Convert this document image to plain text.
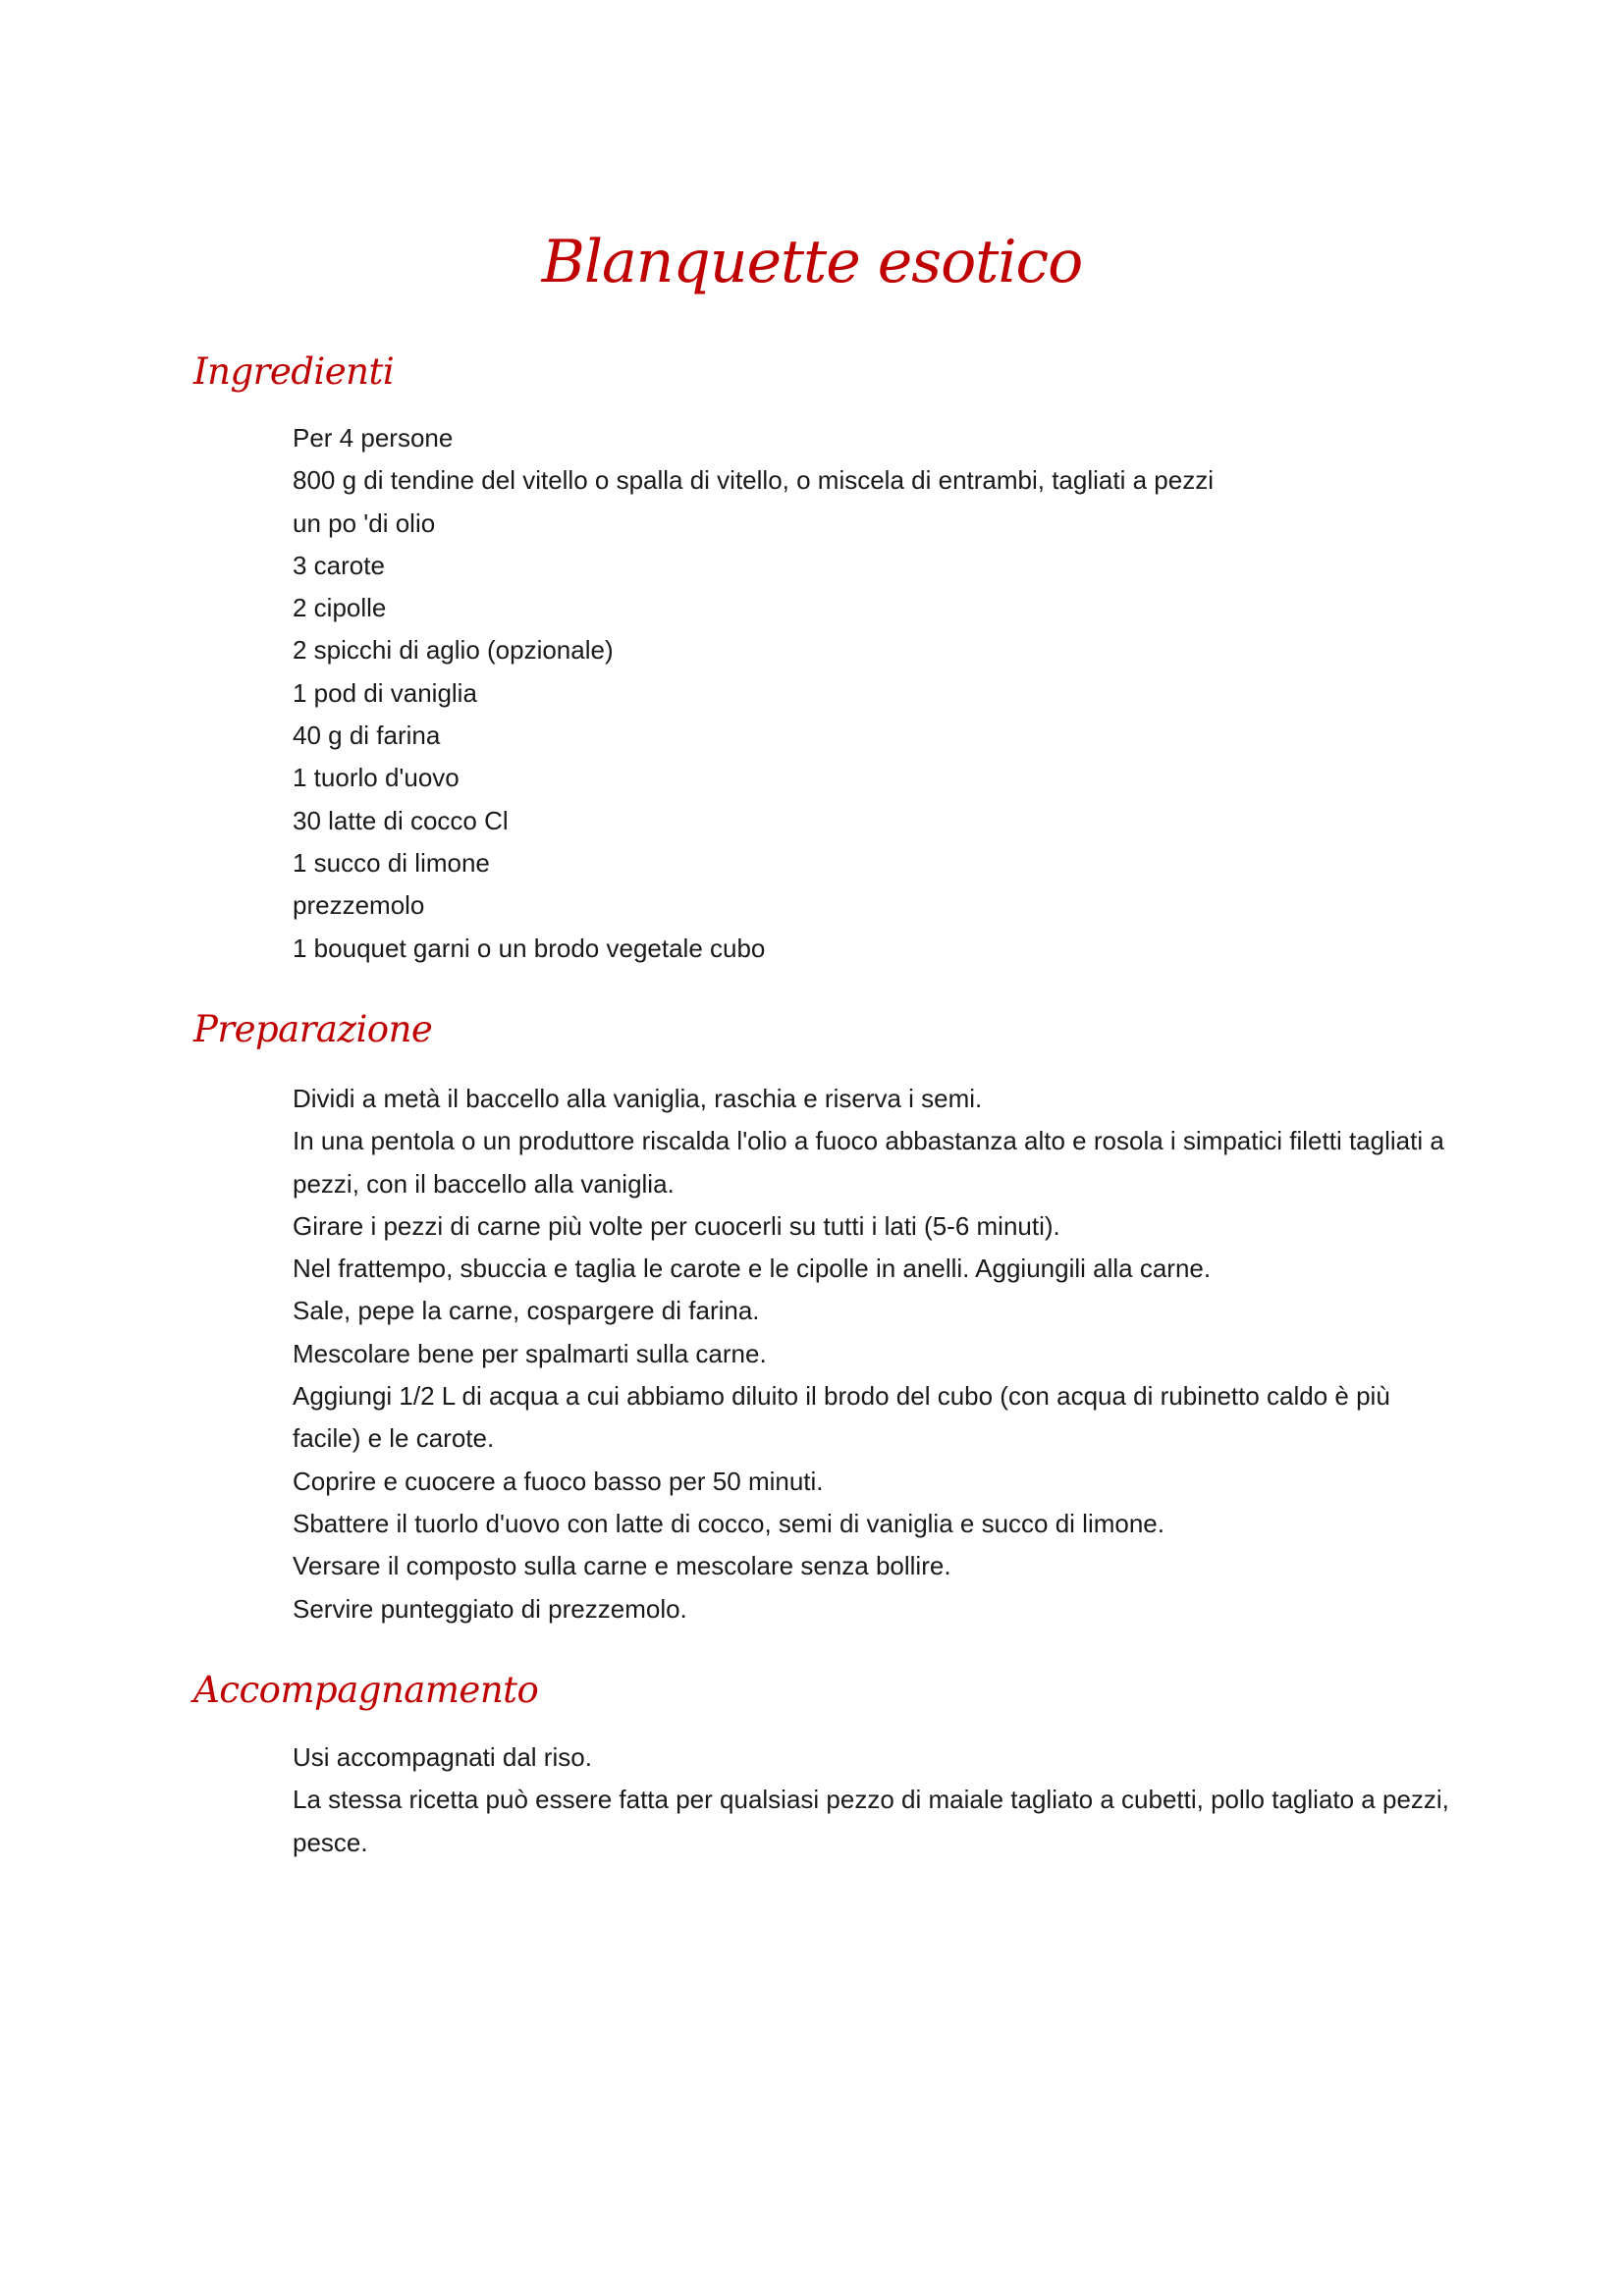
Blanquette esotico
Ingredienti
Per 4 persone
800 g di tendine del vitello o spalla di vitello, o miscela di entrambi, tagliati a pezzi
un po 'di olio
3 carote
2 cipolle
2 spicchi di aglio (opzionale)
1 pod di vaniglia
40 g di farina
1 tuorlo d'uovo
30 latte di cocco Cl
1 succo di limone
prezzemolo
1 bouquet garni o un brodo vegetale cubo
Preparazione
Dividi a metà il baccello alla vaniglia, raschia e riserva i semi.
In una pentola o un produttore riscalda l'olio a fuoco abbastanza alto e rosola i simpatici filetti tagliati a pezzi, con il baccello alla vaniglia.
Girare i pezzi di carne più volte per cuocerli su tutti i lati (5-6 minuti).
Nel frattempo, sbuccia e taglia le carote e le cipolle in anelli. Aggiungili alla carne.
Sale, pepe la carne, cospargere di farina.
Mescolare bene per spalmarti sulla carne.
Aggiungi 1/2 L di acqua a cui abbiamo diluito il brodo del cubo (con acqua di rubinetto caldo è più facile) e le carote.
Coprire e cuocere a fuoco basso per 50 minuti.
Sbattere il tuorlo d'uovo con latte di cocco, semi di vaniglia e succo di limone.
Versare il composto sulla carne e mescolare senza bollire.
Servire punteggiato di prezzemolo.
Accompagnamento
Usi accompagnati dal riso.
La stessa ricetta può essere fatta per qualsiasi pezzo di maiale tagliato a cubetti, pollo tagliato a pezzi, pesce.
